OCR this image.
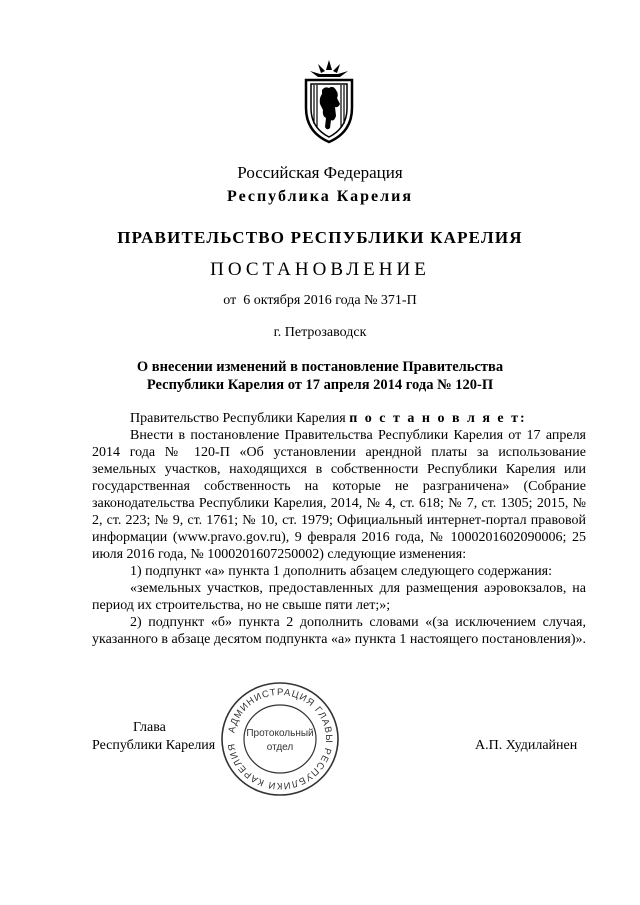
Российская Федерация
Республика Карелия
ПРАВИТЕЛЬСТВО РЕСПУБЛИКИ КАРЕЛИЯ
ПОСТАНОВЛЕНИЕ
от  6 октября 2016 года № 371-П
г. Петрозаводск
О внесении изменений в постановление Правительства
Республики Карелия от 17 апреля 2014 года № 120-П

Правительство Республики Карелия п о с т а н о в л я е т:

Внести в постановление Правительства Республики Карелия от 17 апреля 2014 года № 120-П «Об установлении арендной платы за использование земельных участков, находящихся в собственности Республики Карелия или государственная собственность на которые не разграничена» (Собрание законодательства Республики Карелия, 2014, № 4, ст. 618; № 7, ст. 1305; 2015, № 2, ст. 223; № 9, ст. 1761; № 10, ст. 1979; Официальный интернет-портал правовой информации (www.pravo.gov.ru), 9 февраля 2016 года, № 1000201602090006; 25 июля 2016 года, № 1000201607250002) следующие изменения:

1) подпункт «а» пункта 1 дополнить абзацем следующего содержания:

«земельных участков, предоставленных для размещения аэровокзалов, на период их строительства, но не свыше пяти лет;»;

2) подпункт «б» пункта 2 дополнить словами «(за исключением случая, указанного в абзаце десятом подпункта «а» пункта 1 настоящего постановления)».

Глава
Республики Карелия	А.П. Худилайнен
АДМИНИСТРАЦИЯ ГЛАВЫ РЕСПУБЛИКИ КАРЕЛИЯ
Протокольный
отдел
